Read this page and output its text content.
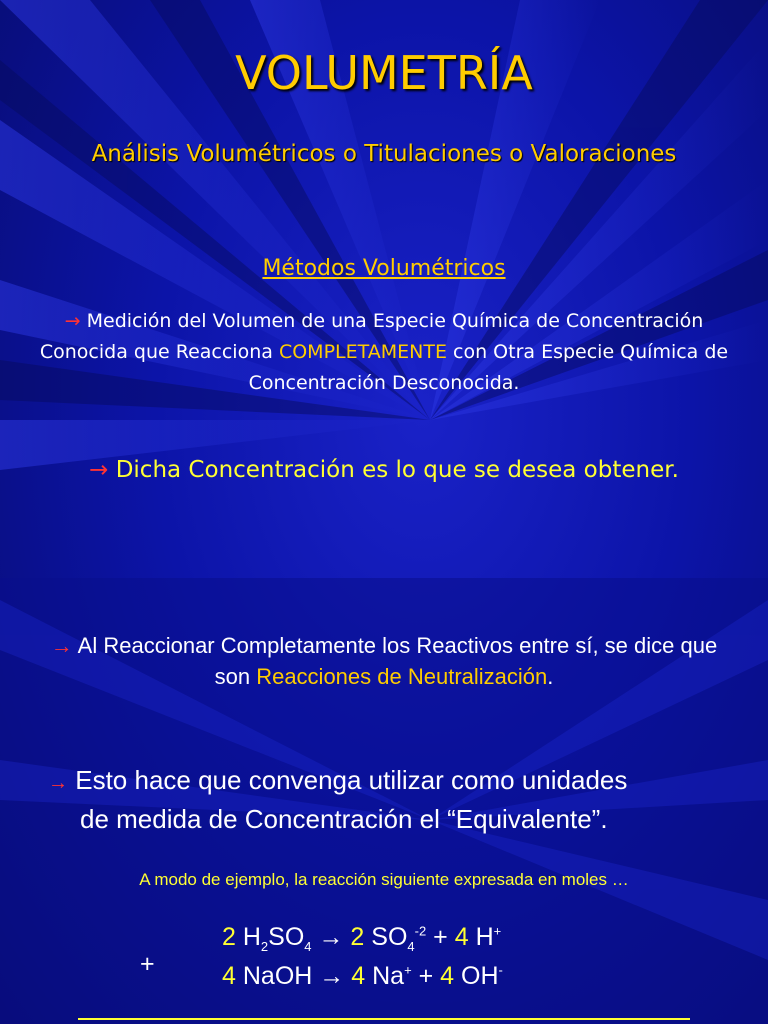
VOLUMETRÍA
Análisis Volumétricos o Titulaciones o Valoraciones
Métodos Volumétricos
→ Medición del Volumen de una Especie Química de Concentración Conocida que Reacciona COMPLETAMENTE con Otra Especie Química de Concentración Desconocida.
→ Dicha Concentración es lo que se desea obtener.
→ Al Reaccionar Completamente los Reactivos entre sí, se dice que son Reacciones de Neutralización.
→ Esto hace que convenga utilizar como unidades
de medida de Concentración el “Equivalente”.
A modo de ejemplo, la reacción siguiente expresada en moles …
+
2 $H_2SO_4 \to 2$ $SO_4^{-2} + 4$ H+
4 NaOH → 4 Na+ + 4 OH-
